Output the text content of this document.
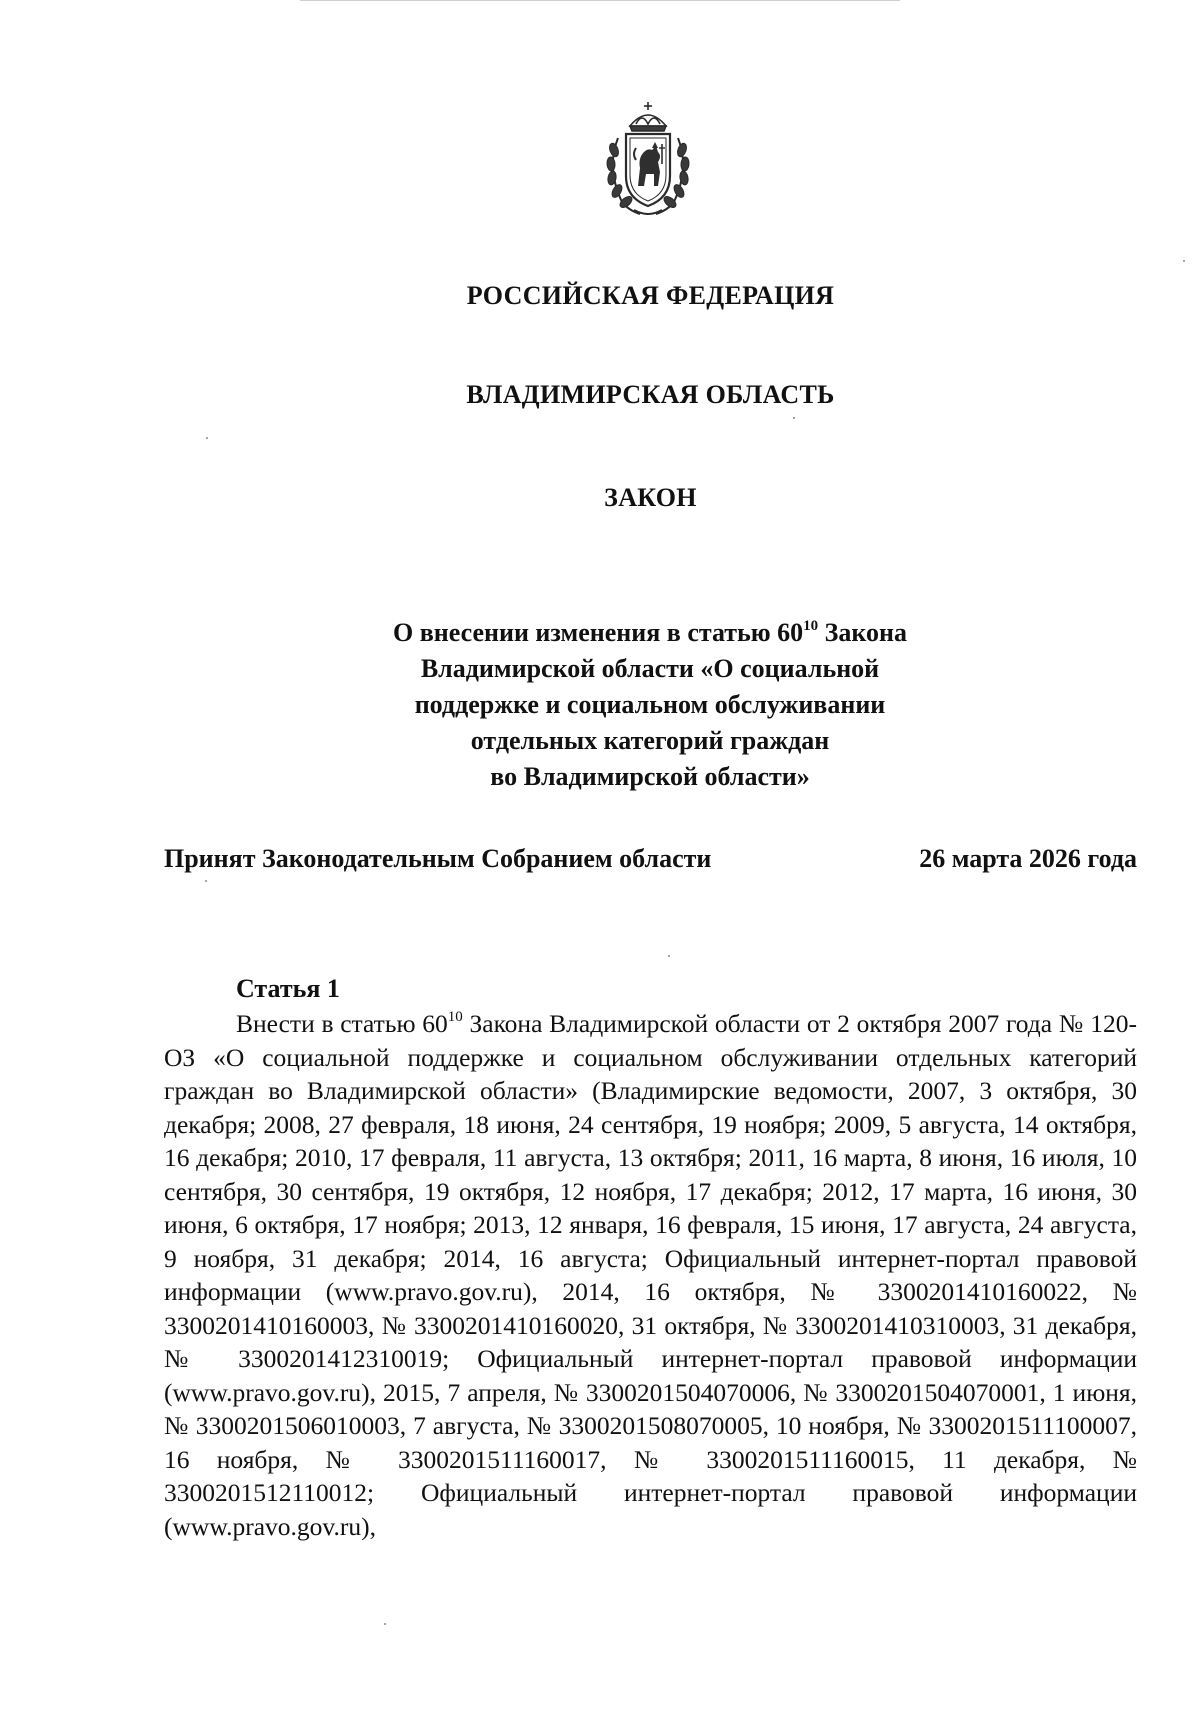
РОССИЙСКАЯ ФЕДЕРАЦИЯ
ВЛАДИМИРСКАЯ ОБЛАСТЬ
ЗАКОН
О внесении изменения в статью $60^{10}$ Закона
Владимирской области «О социальной
поддержке и социальном обслуживании
отдельных категорий граждан
во Владимирской области»
Принят Законодательным Собранием области	26 марта 2026 года
Статья 1
Внести в статью $60^{10}$ Закона Владимирской области от 2 октября 2007 года № 120-ОЗ «О социальной поддержке и социальном обслуживании отдельных категорий граждан во Владимирской области» (Владимирские ведомости, 2007, 3 октября, 30 декабря; 2008, 27 февраля, 18 июня, 24 сентября, 19 ноября; 2009, 5 августа, 14 октября, 16 декабря; 2010, 17 февраля, 11 августа, 13 октября; 2011, 16 марта, 8 июня, 16 июля, 10 сентября, 30 сентября, 19 октября, 12 ноября, 17 декабря; 2012, 17 марта, 16 июня, 30 июня, 6 октября, 17 ноября; 2013, 12 января, 16 февраля, 15 июня, 17 августа, 24 августа, 9 ноября, 31 декабря; 2014, 16 августа; Официальный интернет-портал правовой информации (www.pravo.gov.ru), 2014, 16 октября, № 3300201410160022, № 3300201410160003, № 3300201410160020, 31 октября, № 3300201410310003, 31 декабря, № 3300201412310019; Официальный интернет-портал правовой информации (www.pravo.gov.ru), 2015, 7 апреля, № 3300201504070006, № 3300201504070001, 1 июня, № 3300201506010003, 7 августа, № 3300201508070005, 10 ноября, № 3300201511100007, 16 ноября, № 3300201511160017, № 3300201511160015, 11 декабря, № 3300201512110012; Официальный интернет-портал правовой информации (www.pravo.gov.ru),
